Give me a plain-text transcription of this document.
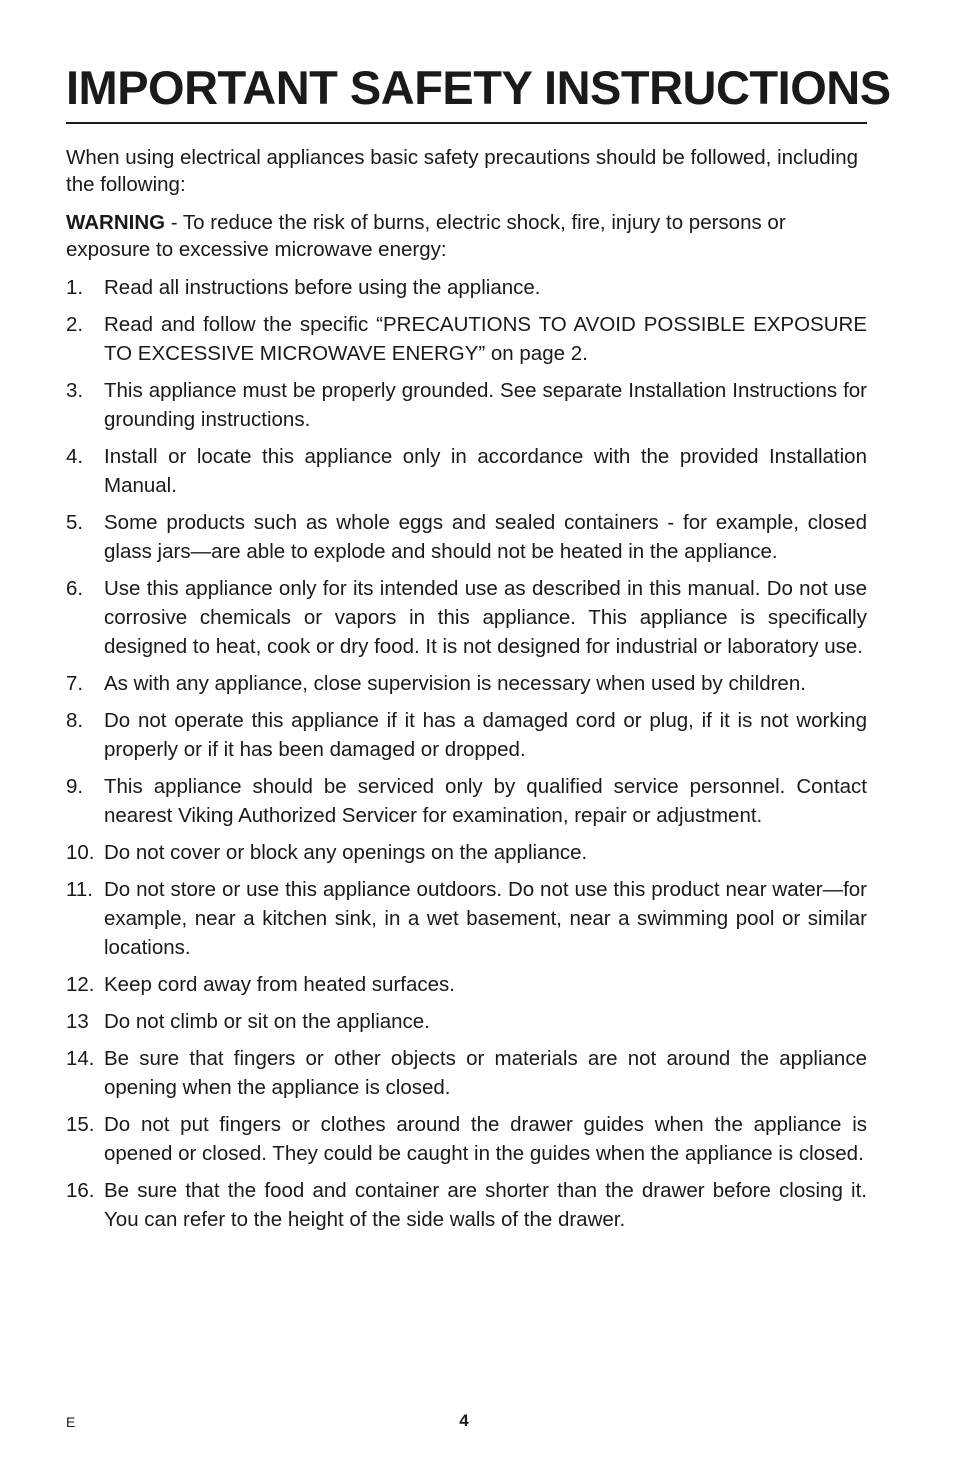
IMPORTANT SAFETY INSTRUCTIONS

When using electrical appliances basic safety precautions should be followed, including the following:

WARNING - To reduce the risk of burns, electric shock, fire, injury to persons or exposure to excessive microwave energy:

1. Read all instructions before using the appliance.
2. Read and follow the specific “PRECAUTIONS TO AVOID POSSIBLE EXPOSURE TO EXCESSIVE MICROWAVE ENERGY” on page 2.
3. This appliance must be properly grounded. See separate Installation Instructions for grounding instructions.
4. Install or locate this appliance only in accordance with the provided Installation Manual.
5. Some products such as whole eggs and sealed containers - for example, closed glass jars—are able to explode and should not be heated in the appliance.
6. Use this appliance only for its intended use as described in this manual. Do not use corrosive chemicals or vapors in this appliance. This appliance is specifically designed to heat, cook or dry food. It is not designed for industrial or laboratory use.
7. As with any appliance, close supervision is necessary when used by children.
8. Do not operate this appliance if it has a damaged cord or plug, if it is not working properly or if it has been damaged or dropped.
9. This appliance should be serviced only by qualified service personnel. Contact nearest Viking Authorized Servicer for examination, repair or adjustment.
10. Do not cover or block any openings on the appliance.
11. Do not store or use this appliance outdoors. Do not use this product near water—for example, near a kitchen sink, in a wet basement, near a swimming pool or similar locations.
12. Keep cord away from heated surfaces.
13 Do not climb or sit on the appliance.
14. Be sure that fingers or other objects or materials are not around the appliance opening when the appliance is closed.
15. Do not put fingers or clothes around the drawer guides when the appliance is opened or closed. They could be caught in the guides when the appliance is closed.
16. Be sure that the food and container are shorter than the drawer before closing it. You can refer to the height of the side walls of the drawer.
E	4
